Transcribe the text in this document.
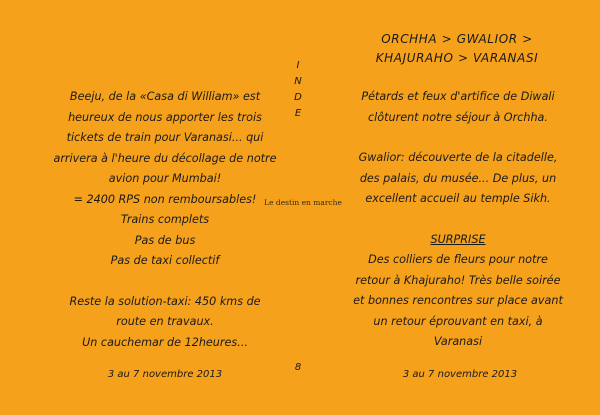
ORCHHA > GWALIOR >
KHAJURAHO > VARANASI
I
N
D
E
Beeju, de la «Casa di William» est
heureux de nous apporter les trois
tickets de train pour Varanasi... qui
arrivera à l'heure du décollage de notre
avion pour Mumbai!
= 2400 RPS non remboursables!
Trains complets
Pas de bus
Pas de taxi collectif
Reste la solution-taxi: 450 kms de
route en travaux.
Un cauchemar de 12heures...
Pétards et feux d'artifice de Diwali
clôturent notre séjour à Orchha.
Gwalior: découverte de la citadelle,
des palais, du musée... De plus, un
excellent accueil au temple Sikh.
SURPRISE
Des colliers de fleurs pour notre
retour à Khajuraho! Très belle soirée
et bonnes rencontres sur place avant
un retour éprouvant en taxi, à
Varanasi
Le destin en marche
8
3 au 7 novembre 2013	3 au 7 novembre 2013
